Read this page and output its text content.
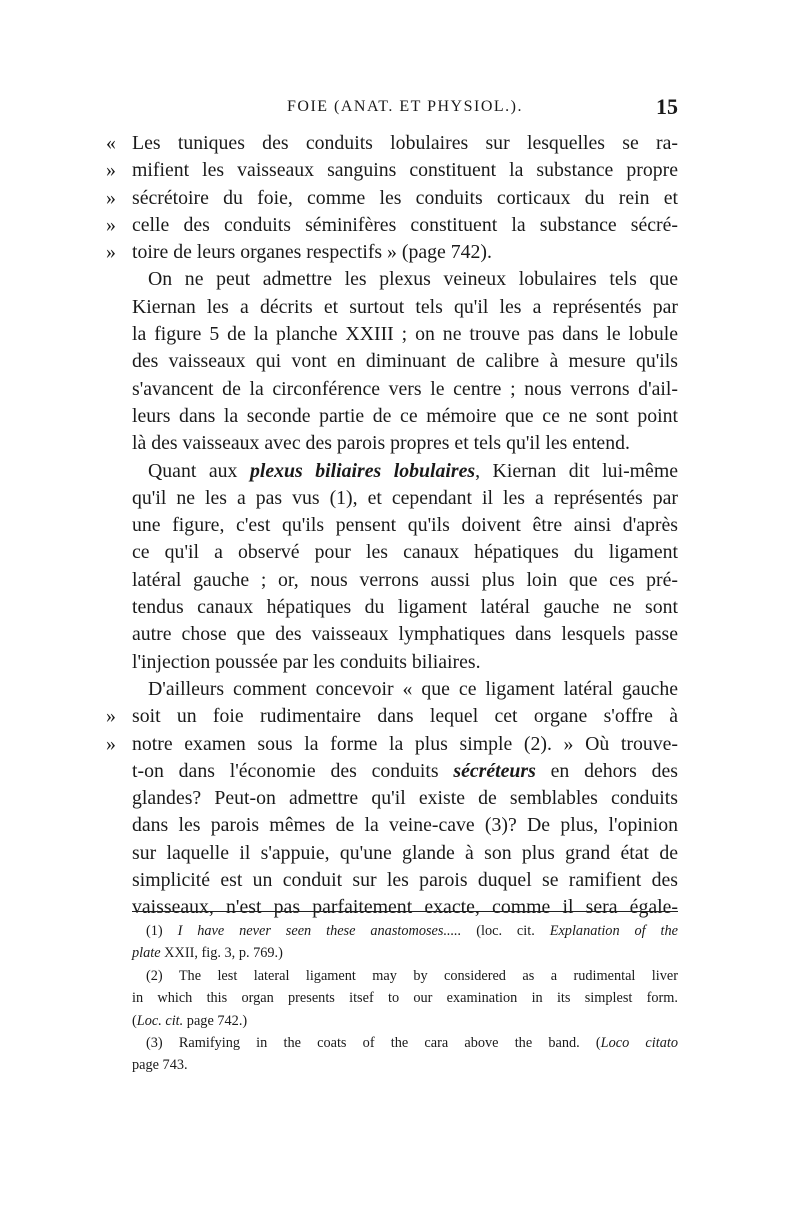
FOIE (ANAT. ET PHYSIOL.).	15
« Les tuniques des conduits lobulaires sur lesquelles se ra-
» mifient les vaisseaux sanguins constituent la substance propre
» sécrétoire du foie, comme les conduits corticaux du rein et
» celle des conduits séminifères constituent la substance sécré-
» toire de leurs organes respectifs » (page 742).
On ne peut admettre les plexus veineux lobulaires tels que
Kiernan les a décrits et surtout tels qu'il les a représentés par
la figure 5 de la planche XXIII ; on ne trouve pas dans le lobule
des vaisseaux qui vont en diminuant de calibre à mesure qu'ils
s'avancent de la circonférence vers le centre ; nous verrons d'ail-
leurs dans la seconde partie de ce mémoire que ce ne sont point
là des vaisseaux avec des parois propres et tels qu'il les entend.
Quant aux plexus biliaires lobulaires, Kiernan dit lui-même
qu'il ne les a pas vus (1), et cependant il les a représentés par
une figure, c'est qu'ils pensent qu'ils doivent être ainsi d'après
ce qu'il a observé pour les canaux hépatiques du ligament
latéral gauche ; or, nous verrons aussi plus loin que ces pré-
tendus canaux hépatiques du ligament latéral gauche ne sont
autre chose que des vaisseaux lymphatiques dans lesquels passe
l'injection poussée par les conduits biliaires.
D'ailleurs comment concevoir « que ce ligament latéral gauche
» soit un foie rudimentaire dans lequel cet organe s'offre à
» notre examen sous la forme la plus simple (2). » Où trouve-
t-on dans l'économie des conduits sécréteurs en dehors des
glandes? Peut-on admettre qu'il existe de semblables conduits
dans les parois mêmes de la veine-cave (3)? De plus, l'opinion
sur laquelle il s'appuie, qu'une glande à son plus grand état de
simplicité est un conduit sur les parois duquel se ramifient des
vaisseaux, n'est pas parfaitement exacte, comme il sera égale-
(1) I have never seen these anastomoses..... (loc. cit. Explanation of the
plate XXII, fig. 3, p. 769.)
(2) The lest lateral ligament may by considered as a rudimental liver
in which this organ presents itsef to our examination in its simplest form.
(Loc. cit. page 742.)
(3) Ramifying in the coats of the cara above the band. (Loco citato
page 743.
